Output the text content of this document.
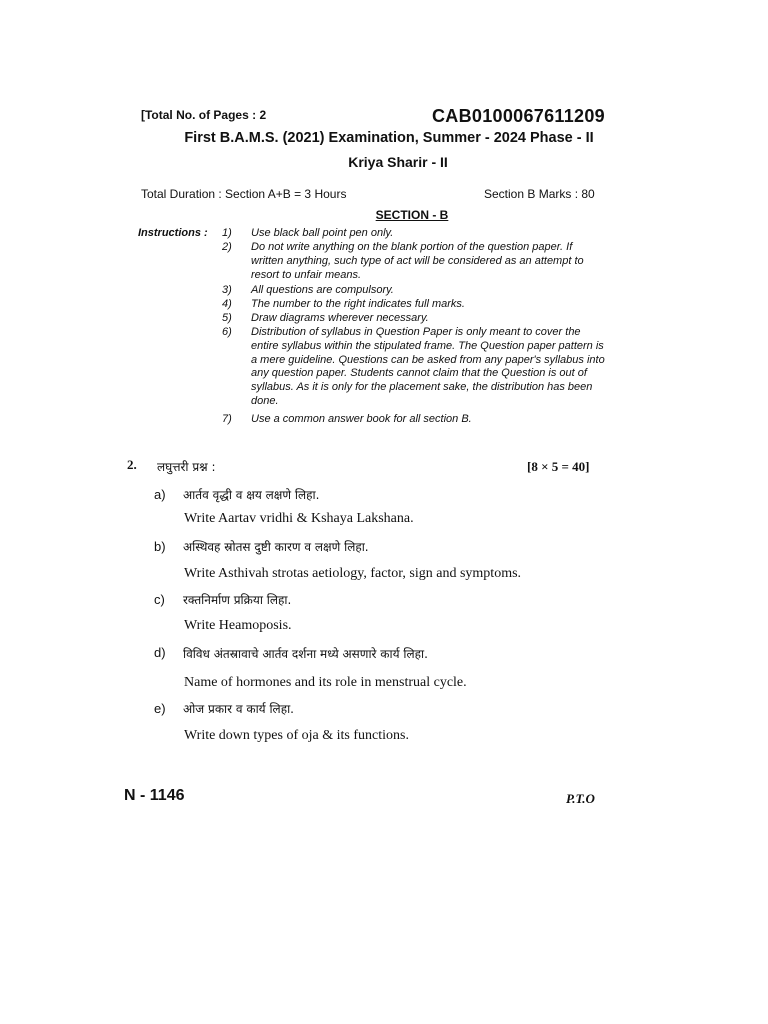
[Total No. of Pages : 2	CAB0100067611209
First B.A.M.S. (2021) Examination, Summer - 2024 Phase - II
Kriya Sharir - II
Total Duration : Section A+B = 3 Hours	Section B Marks : 80
SECTION - B
Instructions : 1) Use black ball point pen only.
2) Do not write anything on the blank portion of the question paper. If written anything, such type of act will be considered as an attempt to resort to unfair means.
3) All questions are compulsory.
4) The number to the right indicates full marks.
5) Draw diagrams wherever necessary.
6) Distribution of syllabus in Question Paper is only meant to cover the entire syllabus within the stipulated frame. The Question paper pattern is a mere guideline. Questions can be asked from any paper's syllabus into any question paper. Students cannot claim that the Question is out of syllabus. As it is only for the placement sake, the distribution has been done.
7) Use a common answer book for all section B.
2. लघुत्तरी प्रश्न :	[8 × 5 = 40]
a) आर्तव वृद्धी व क्षय लक्षणे लिहा.
Write Aartav vridhi & Kshaya Lakshana.
b) अस्थिवह स्रोतस दुष्टी कारण व लक्षणे लिहा.
Write Asthivah strotas aetiology, factor, sign and symptoms.
c) रक्तनिर्माण प्रक्रिया लिहा.
Write Heamoposis.
d) विविध अंतस्रावाचे आर्तव दर्शना मध्ये असणारे कार्य लिहा.
Name of hormones and its role in menstrual cycle.
e) ओज प्रकार व कार्य लिहा.
Write down types of oja & its functions.
N - 1146	P.T.O
